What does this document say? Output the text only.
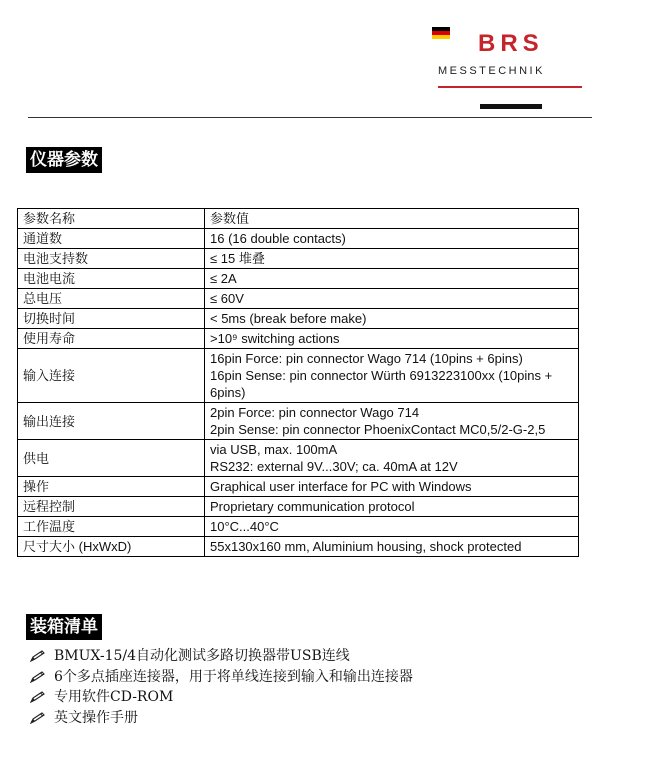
BRS
MESSTECHNIK
仪器参数
参数名称	参数值
通道数	16 (16 double contacts)

电池支持数	≤ 15 堆叠

电池电流	≤ 2A

总电压	≤ 60V

切换时间	< 5ms (break before make)

使用寿命	>10⁹ switching actions

输入连接	16pin Force: pin connector Wago 714 (10pins + 6pins)
16pin Sense: pin connector Würth 6913223100xx (10pins + 6pins)

输出连接	2pin Force: pin connector Wago 714
2pin Sense: pin connector PhoenixContact MC0,5/2-G-2,5

供电	via USB, max. 100mA
RS232: external 9V...30V; ca. 40mA at 12V

操作	Graphical user interface for PC with Windows

远程控制	Proprietary communication protocol

工作温度	10°C...40°C

尺寸大小 (HxWxD)	55x130x160 mm, Aluminium housing, shock protected
装箱清单
BMUX-15/4自动化测试多路切换器带USB连线
6个多点插座连接器，用于将单线连接到输入和输出连接器
专用软件CD-ROM
英文操作手册
